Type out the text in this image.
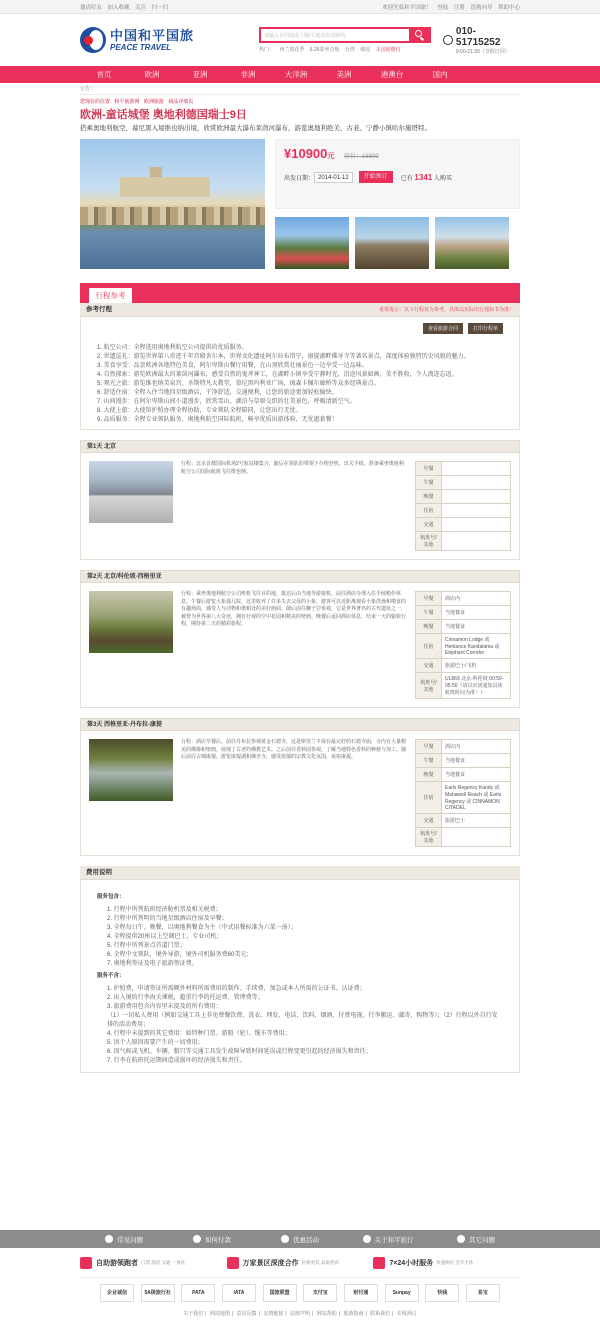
邀请好友 加入收藏 关注 扫一扫	欢迎先临和平国旅！ 登陆 注册 选购向导 帮助中心
中国和平国旅
PEACE TRAVEL
请输入目的地或主题/关键词查找路线
热门： 西兰黑花季 6.26泰坐首航 台湾 韩国 美国游缴付
010-51715252
9:00-21:30（节假日同）
首页	欧洲	亚洲	非洲	大洋洲	美洲	港澳台	国内
公告：
您现在的位置 和平旅游网 欧洲旅游 商品详细页
欧洲-童话城堡 奥地利德国瑞士9日
搭乘奥地利航空，幕尼黑入境维也纳出境，欣赏欧洲最大瀑布莱茵河瀑布，游览奥地利绝美、古老、宁静小镇哈尔施塔特。
¥10900元 原价：16800
出发日期： 2014-01-12	开始预订	已有 1341 人购买
行程参考
参考行程	重要提示：以下行程仅为参考，具体以实际出行通知书为准！
查看旅游合同	打印行程单
1. 航空公司：全程选用奥地利航空公司提供的优质服务。
2. 世遗巡礼：游览世界第八奇迹千年宫殿舍尔本，世界文化遗址阿尔拉布塔宁，康提湖畔佛牙寺等著名景点，深度体验独特历史风貌的魅力。
3. 美食享受：品尝欧洲各地特色美食，阿尔卑斯山餐厅用餐，在山顶欣赏壮丽景色一边享受一边品味。
4. 自然探索：游览欧洲最大的莱茵河瀑布，感受自然的鬼斧神工，在湖畔小镇享受宁静时光，沿途风景如画，美不胜收，令人流连忘返。
5. 观光之旅：游览维也纳美泉宫、圣斯特凡大教堂，慕尼黑玛利亚广场，琉森卡佩尔廊桥等众多经典景点。
6. 舒适住宿：全程入住当地四星级酒店，干净舒适，交通便利，让您的旅途更加轻松愉快。
7. 山间漫步：在阿尔卑斯山间小道漫步，欣赏雪山、湖泊与草原交织的壮美景色，呼吸清新空气。
8. 大使上旅：大使馆护照办理全程协助，专业领队全程陪同，让您出行无忧。
9. 品质服务：全程专业领队服务，奥地利航空国际航班，畅享优质出游体验，无优惠套餐！
第1天 北京
行程：北京首都国际机场2号航站楼集合，随后在领队的带领下办理登机、出关手续，准备乘坐奥地利航空公司国际航班飞往维也纳。	早餐	
午餐	
晚餐	
住宿	
交通	
航班号/其他	
第2天 北京/科伦坡-西格里亚
行程：乘坐奥地利航空公司班机飞往目的地，抵达后由当地导游接机，前往酒店办理入住手续稍作休息。午餐后游览大象孤儿院，这里收养了许多失去父母的小象，游客可以近距离观看小象洗澡和喂食的有趣场面，感受人与动物和谐相处的美好画面。随后前往狮子岩参观，它是世界著名的古代遗址之一，被誉为世界第八大奇迹，拥有壮观的空中花园和精美的壁画。晚餐后返回酒店休息，结束一天的愉快行程，期待第二天的精彩旅程。
早餐	酒店内
午餐	当地餐食
晚餐	当地餐食
住宿	Cinnamon Lodge 或 Heritance Kandalama 或 Elephant Corridor
交通	旅游巴士/飞机
航班号/其他	UL869 北京-科伦坡 00:50-05:50（请以出团通知具体航班时间为准！）
第3天 西格里亚-丹布拉-康提
行程：酒店早餐后，前往丹布拉参观黄金石窟寺，这是斯里兰卡保存最完好的石窟寺庙，寺内有大量精美的佛像和壁画，展现了古老的佛教艺术。之后前往香料园参观，了解当地特色香料的种植与加工。随后前往古城康提，游览康提湖和佛牙寺，感受浓郁的宗教文化氛围，夜宿康提。
早餐	酒店内
午餐	当地餐食
晚餐	当地餐食
住宿	Earls Regency Kandy 或 Mahaweli Reach 或 Earls Regency 或 CINNAMON CITADEL
交通	旅游巴士
航班号/其他	
费用说明
服务包含：
1. 行程中所列航班经济舱机票及相关税费；
2. 行程中所列明的当地星级酒店住宿及早餐；
3. 全程每日午、晚餐，以奥地利餐食为主（中式用餐标准为六菜一汤）；
4. 全程提供20座以上空调巴士，专业司机；
5. 行程中所列景点首道门票；
6. 全程中文领队，境外导游，境外司机服务费60美元；
7. 奥地利签证及电子旅游签证费。
服务不含：
1. 护照费，申请签证所需额外材料所需费用的制作、手续费，加急或本人所需的公证书、认证费；
2. 出入境的行李海关课税，超重行李的托运费、管理费等；
3. 旅游费用包含内容里未提及的所有费用：
（1）一切私人费用（例如交通工具上非免费餐饮费、洗衣、理发、电话、饮料、烟酒、付费电视、行李搬运、邮寄、购物等）；（2）行程以外自行安排的活动费用；
4. 行程中未提到的其它费用：如特种门票、游船（轮）、缆车等费用；
5. 因个人原因需要产生的一切费用；
6. 因气候或飞机、车辆、船只等交通工具发生故障导致时间延误或行程变更引起的经济损失和责任；
7. 行李在航班托运期间造成损坏的经济损失和责任。
常见问题	如何付款	优惠活动	关于和平旅行	其它问题
自助游领跑者 门票 酒店 交通 一体化	万家景区深度合作 价格更低 品质更高	7×24小时服务 快速响应 全年无休
企业诚信	5A级旅行社	PATA	IATA	国旅联盟	支付宝	财付通	Sunpay	快钱	易宝
关于我们 | 网站地图 | 意见反馈 | 友情链接 | 法律声明 | 网站帮助 | 旅游指南 | 联系我们 | 在线预订
